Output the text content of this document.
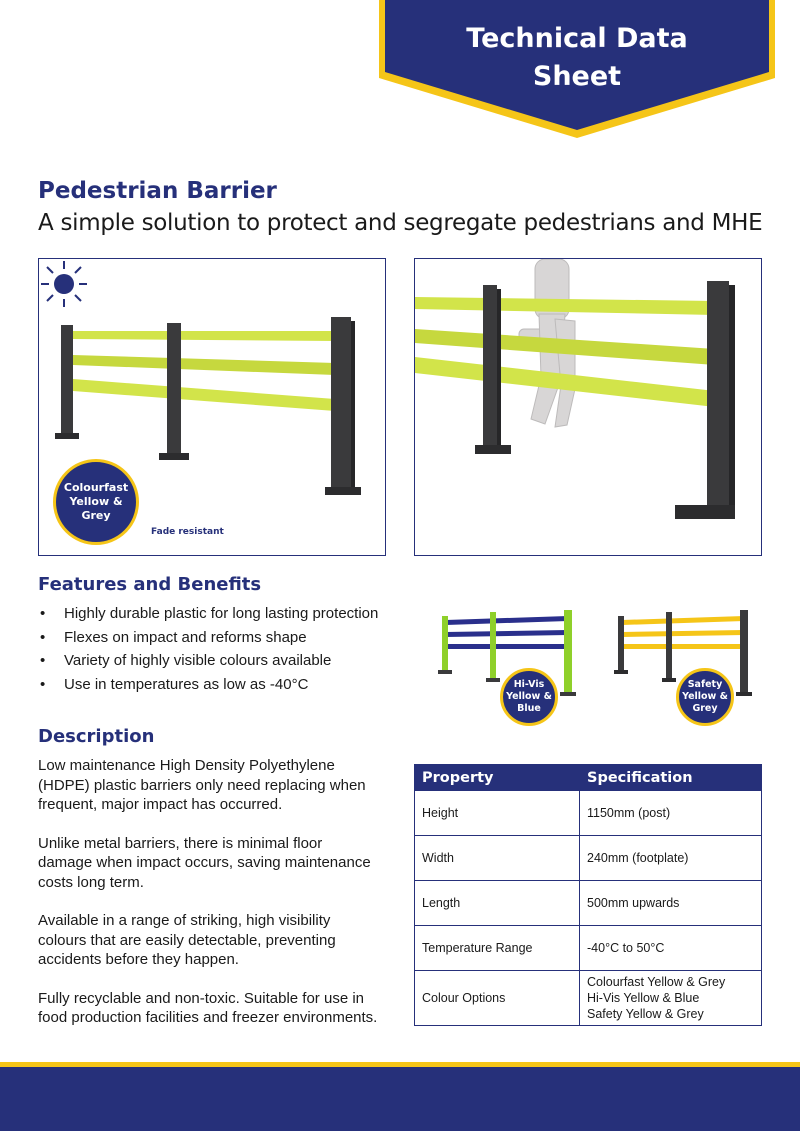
Technical Data
Sheet
Pedestrian Barrier
A simple solution to protect and segregate pedestrians and MHE
Colourfast Yellow & Grey
Fade resistant
Features and Benefits
• Highly durable plastic for long lasting protection
• Flexes on impact and reforms shape
• Variety of highly visible colours available
• Use in temperatures as low as -40°C	Hi-Vis Yellow & Blue
Safety Yellow & Grey
Description

Low maintenance High Density Polyethylene (HDPE) plastic barriers only need replacing when frequent, major impact has occurred.

Unlike metal barriers, there is minimal floor damage when impact occurs, saving maintenance costs long term.

Available in a range of striking, high visibility colours that are easily detectable, preventing accidents before they happen.

Fully recyclable and non-toxic. Suitable for use in food production facilities and freezer environments.

Property	Specification
Height	1150mm (post)
Width	240mm (footplate)
Length	500mm upwards
Temperature Range	-40°C to 50°C
Colour Options	Colourfast Yellow & Grey
Hi-Vis Yellow & Blue
Safety Yellow & Grey
